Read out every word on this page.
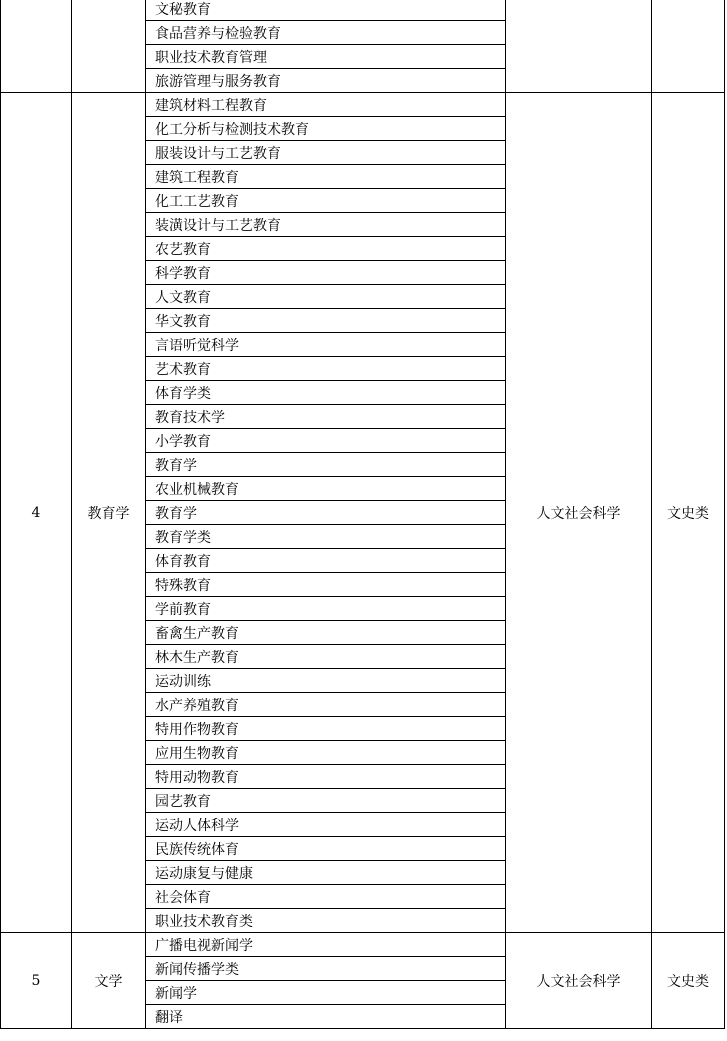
		文秘教育		
		食品营养与检验教育		
		职业技术教育管理		
		旅游管理与服务教育		
4	教育学	建筑材料工程教育	人文社会科学	文史类
		化工分析与检测技术教育		
		服装设计与工艺教育		
		建筑工程教育		
		化工工艺教育		
		装潢设计与工艺教育		
		农艺教育		
		科学教育		
		人文教育		
		华文教育		
		言语听觉科学		
		艺术教育		
		体育学类		
		教育技术学		
		小学教育		
		教育学		
		农业机械教育		
		教育学		
		教育学类		
		体育教育		
		特殊教育		
		学前教育		
		畜禽生产教育		
		林木生产教育		
		运动训练		
		水产养殖教育		
		特用作物教育		
		应用生物教育		
		特用动物教育		
		园艺教育		
		运动人体科学		
		民族传统体育		
		运动康复与健康		
		社会体育		
		职业技术教育类		
5	文学	广播电视新闻学	人文社会科学	文史类
		新闻传播学类		
		新闻学		
		翻译		
